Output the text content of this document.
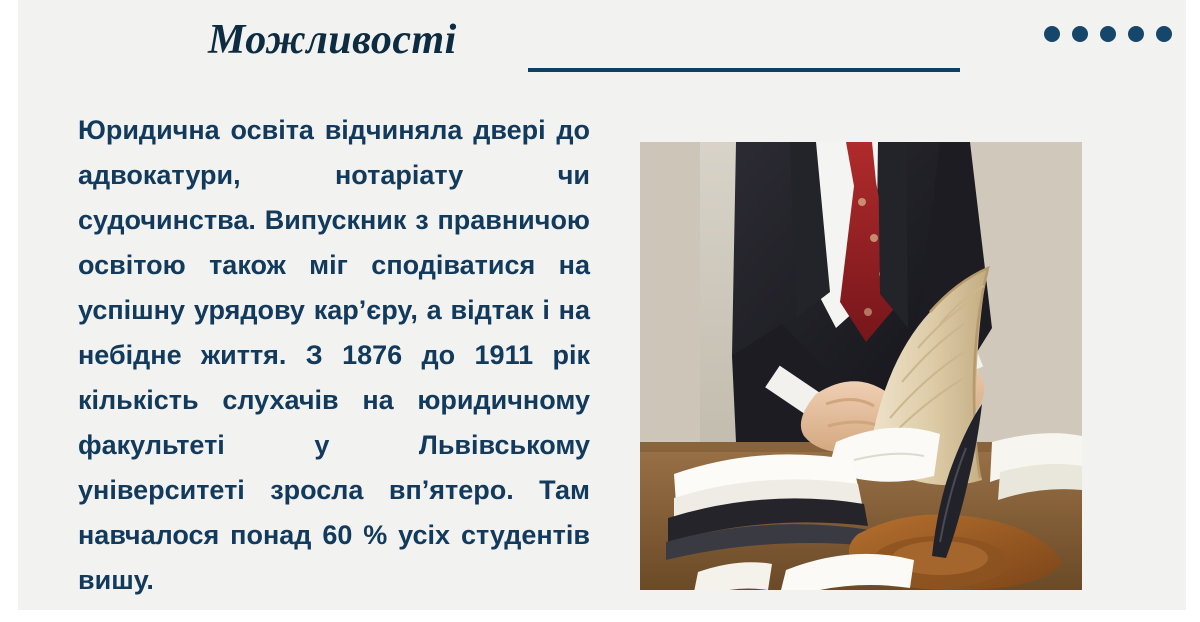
Можливості
Юридична освіта відчиняла двері до адвокатури, нотаріату чи судочинства. Випускник з правничою освітою також міг сподіватися на успішну урядову кар’єру, а відтак і на небідне життя. З 1876 до 1911 рік кількість слухачів на юридичному факультеті у Львівському університеті зросла вп’ятеро. Там навчалося понад 60 % усіх студентів вишу.
